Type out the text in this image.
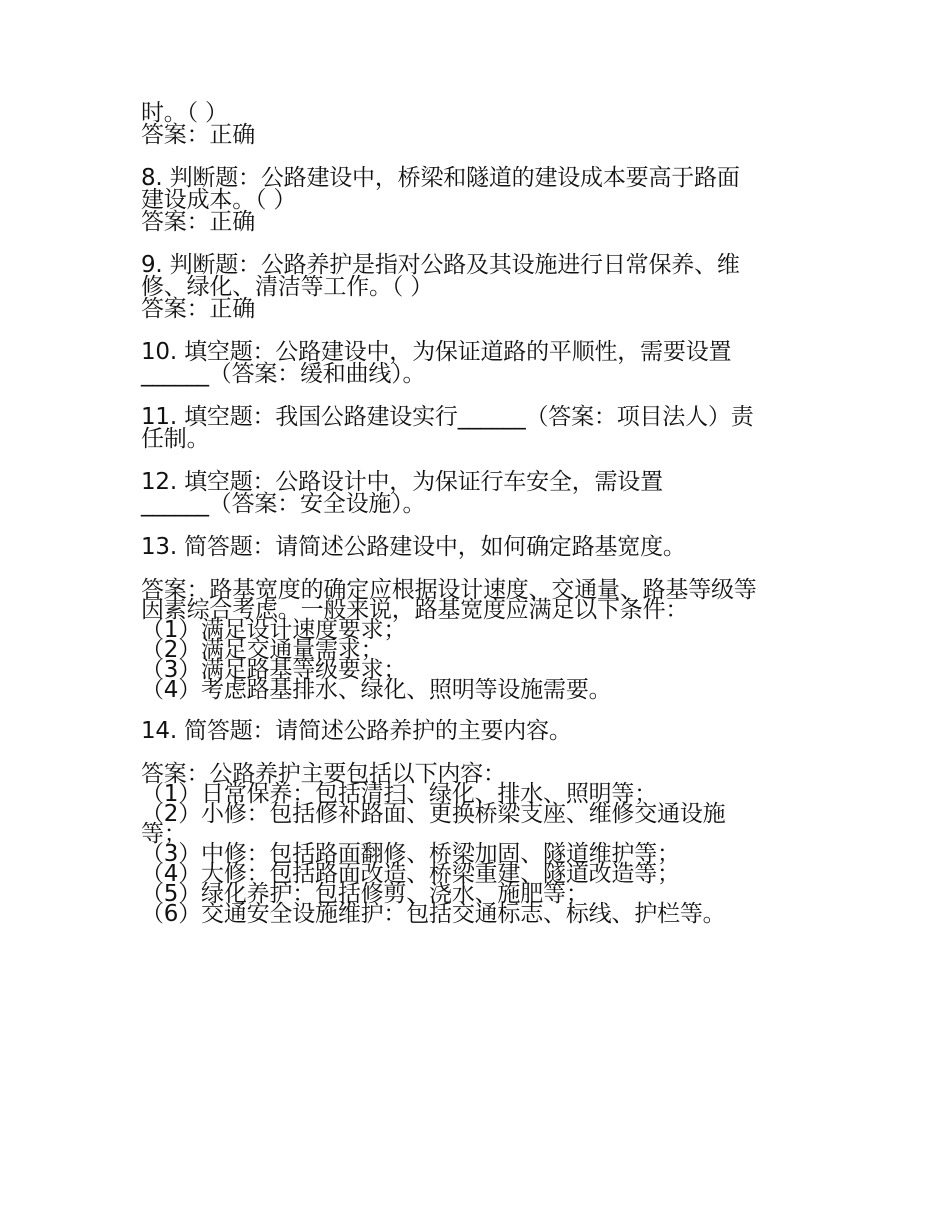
时。（ ）
答案：正确
8. 判断题：公路建设中，桥梁和隧道的建设成本要高于路面
建设成本。（ ）
答案：正确
9. 判断题：公路养护是指对公路及其设施进行日常保养、维
修、绿化、清洁等工作。（ ）
答案：正确
10. 填空题：公路建设中，为保证道路的平顺性，需要设置
______（答案：缓和曲线）。
11. 填空题：我国公路建设实行______（答案：项目法人）责
任制。
12. 填空题：公路设计中，为保证行车安全，需设置
______（答案：安全设施）。
13. 简答题：请简述公路建设中，如何确定路基宽度。
答案：路基宽度的确定应根据设计速度、交通量、路基等级等
因素综合考虑。一般来说，路基宽度应满足以下条件：
（1）满足设计速度要求；
（2）满足交通量需求；
（3）满足路基等级要求；
（4）考虑路基排水、绿化、照明等设施需要。
14. 简答题：请简述公路养护的主要内容。
答案：公路养护主要包括以下内容：
（1）日常保养：包括清扫、绿化、排水、照明等；
（2）小修：包括修补路面、更换桥梁支座、维修交通设施
等；
（3）中修：包括路面翻修、桥梁加固、隧道维护等；
（4）大修：包括路面改造、桥梁重建、隧道改造等；
（5）绿化养护：包括修剪、浇水、施肥等；
（6）交通安全设施维护：包括交通标志、标线、护栏等。
